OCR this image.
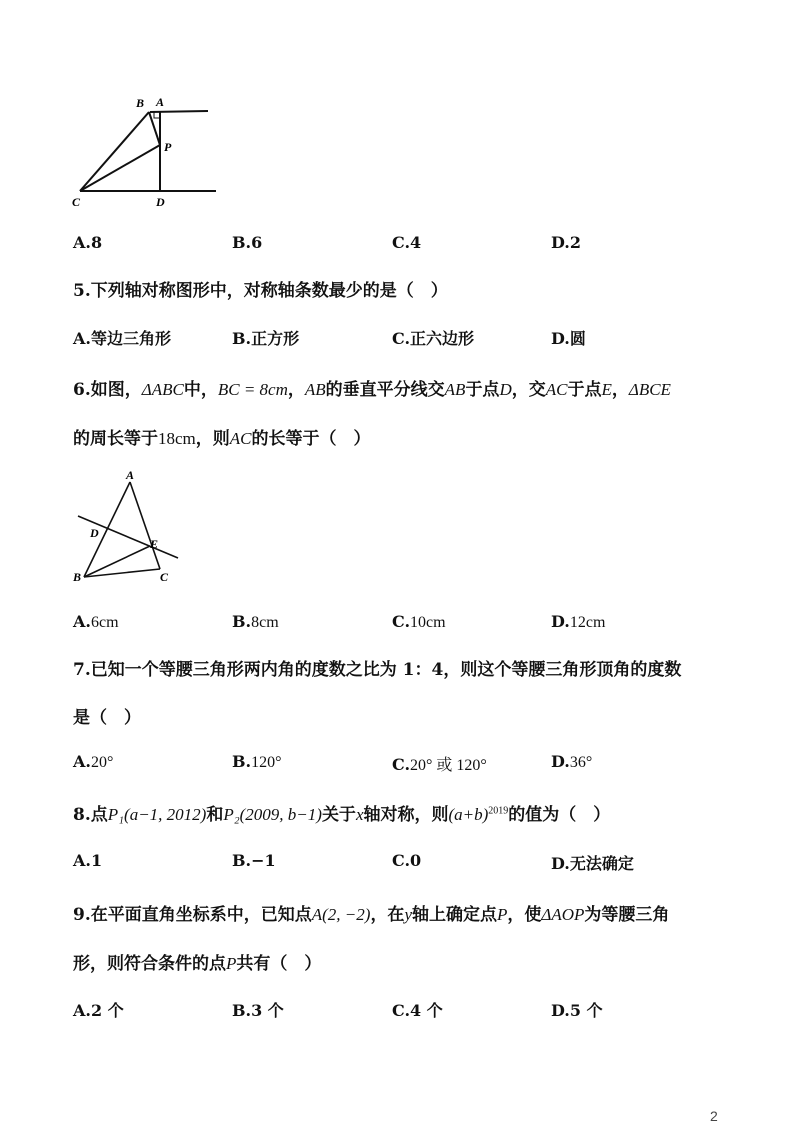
B A
P
C	D
A.8	B.6	C.4	D.2
5.下列轴对称图形中，对称轴条数最少的是（　）
A.等边三角形	B.正方形	C.正六边形	D.圆
6.如图，ΔABC中，BC = 8cm，AB的垂直平分线交AB于点D，交AC于点E，ΔBCE
的周长等于18cm，则AC的长等于（　）
A
D
E
B	C
A.6cm	B.8cm	C.10cm	D.12cm
7.已知一个等腰三角形两内角的度数之比为 1：4，则这个等腰三角形顶角的度数
是（　）
A.20°	B.120°	C.20° 或 120°	D.36°
8.点P₁(a−1, 2012)和P₂(2009, b−1)关于x轴对称，则$(a+b)^{2019}$的值为（　）
A.1	B.−1	C.0	D.无法确定
9.在平面直角坐标系中，已知点A(2, −2)，在y轴上确定点P，使ΔAOP为等腰三角
形，则符合条件的点P共有（　）
A.2 个	B.3 个	C.4 个	D.5 个
2
